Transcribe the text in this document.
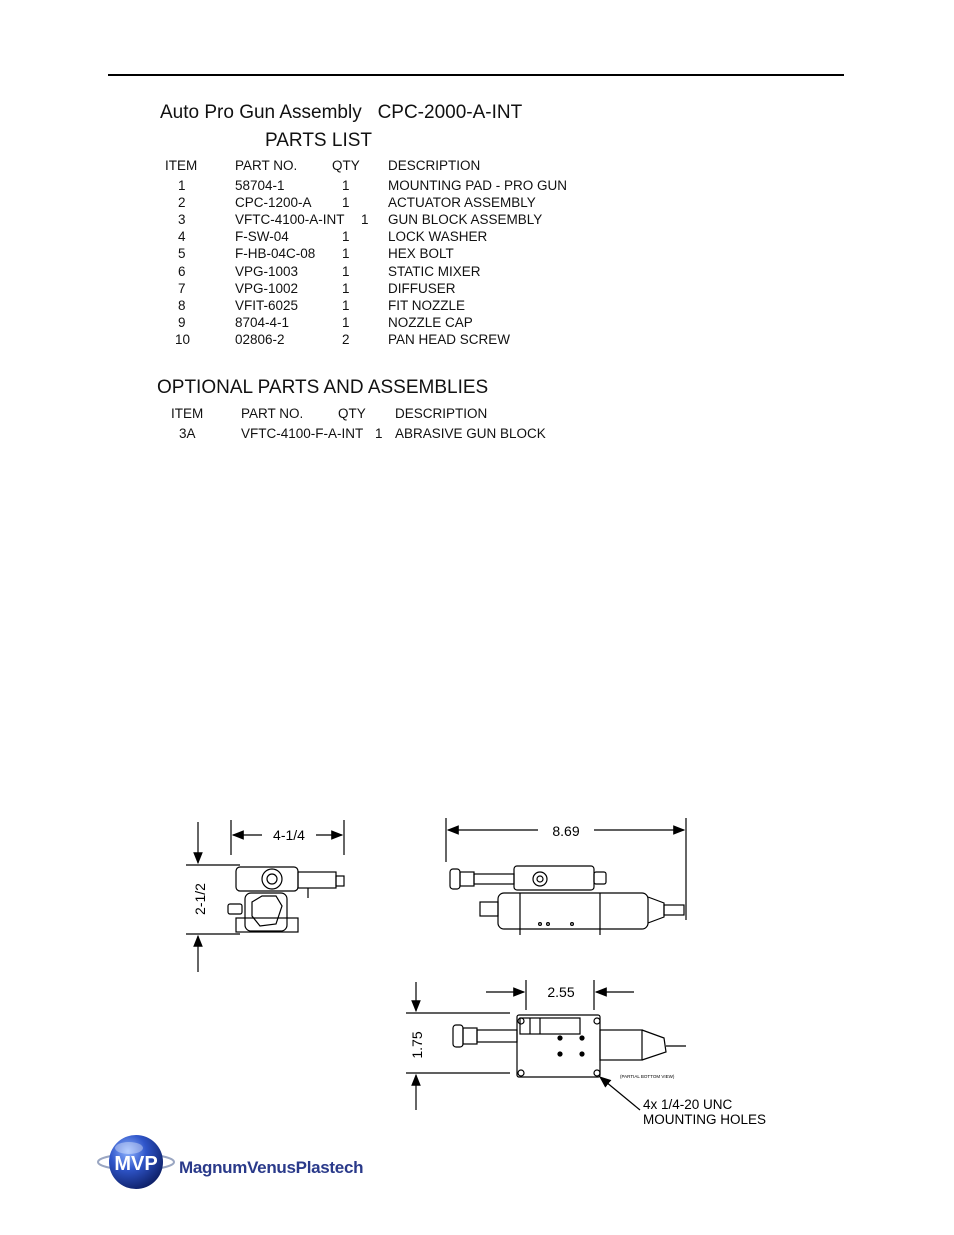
Auto Pro Gun Assembly CPC-2000-A-INT
PARTS LIST
ITEM	PART NO.	QTY DESCRIPTION
1	58704-1	1	MOUNTING PAD - PRO GUN
2	CPC-1200-A 1	ACTUATOR ASSEMBLY
3	VFTC-4100-A-INT 1 GUN BLOCK ASSEMBLY
4	F-SW-04	1	LOCK WASHER
5	F-HB-04C-08 1	HEX BOLT
6	VPG-1003	1	STATIC MIXER
7	VPG-1002	1	DIFFUSER
8	VFIT-6025	1	FIT NOZZLE
9	8704-4-1	1	NOZZLE CAP
10	02806-2	2	PAN HEAD SCREW
OPTIONAL PARTS AND ASSEMBLIES
ITEM	PART NO.	QTY DESCRIPTION
3A	VFTC-4100-F-A-INT 1 ABRASIVE GUN BLOCK
4-1/4
2-1/2
8.69
2.55
1.75
(PARTIAL BOTTOM VIEW)
4x 1/4-20 UNC
MOUNTING HOLES
MVP MagnumVenusPlastech
